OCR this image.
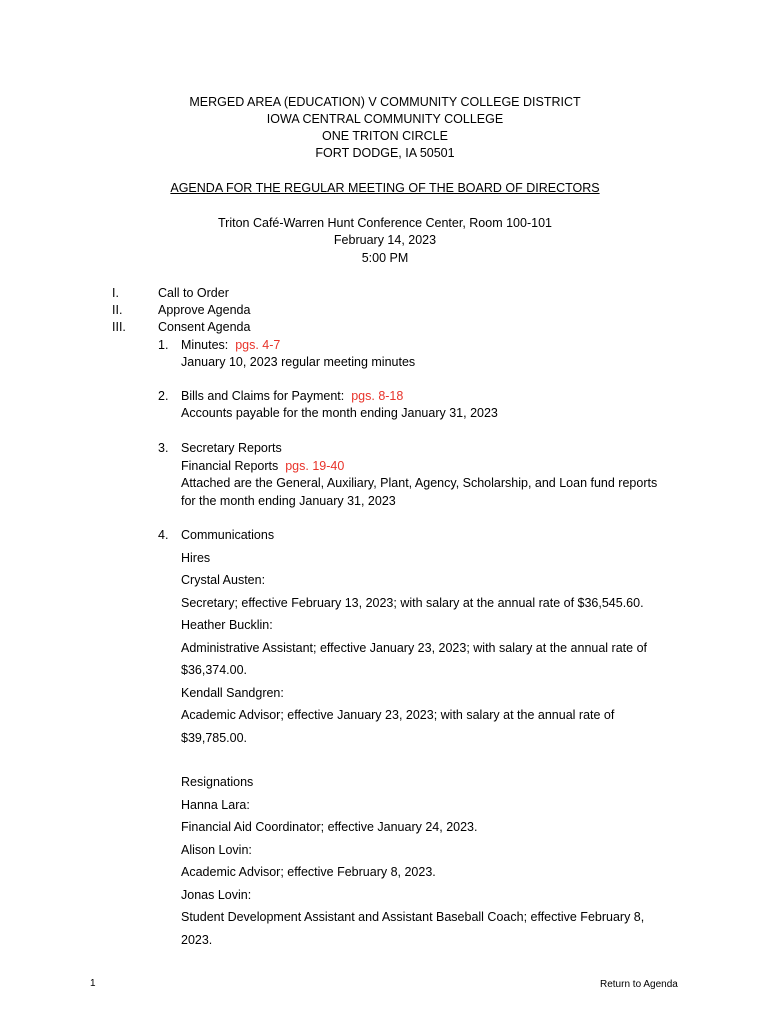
MERGED AREA (EDUCATION) V COMMUNITY COLLEGE DISTRICT
IOWA CENTRAL COMMUNITY COLLEGE
ONE TRITON CIRCLE
FORT DODGE, IA 50501
AGENDA FOR THE REGULAR MEETING OF THE BOARD OF DIRECTORS
Triton Café-Warren Hunt Conference Center, Room 100-101
February 14, 2023
5:00 PM
I.	Call to Order
II.	Approve Agenda
III.	Consent Agenda
1. Minutes: pgs. 4-7
January 10, 2023 regular meeting minutes
2. Bills and Claims for Payment: pgs. 8-18
Accounts payable for the month ending January 31, 2023
3. Secretary Reports
Financial Reports pgs. 19-40
Attached are the General, Auxiliary, Plant, Agency, Scholarship, and Loan fund reports
for the month ending January 31, 2023
4. Communications
Hires
Crystal Austen:
Secretary; effective February 13, 2023; with salary at the annual rate of $36,545.60.
Heather Bucklin:
Administrative Assistant; effective January 23, 2023; with salary at the annual rate of
$36,374.00.
Kendall Sandgren:
Academic Advisor; effective January 23, 2023; with salary at the annual rate of
$39,785.00.
Resignations
Hanna Lara:
Financial Aid Coordinator; effective January 24, 2023.
Alison Lovin:
Academic Advisor; effective February 8, 2023.
Jonas Lovin:
Student Development Assistant and Assistant Baseball Coach; effective February 8,
2023.
1	Return to Agenda
